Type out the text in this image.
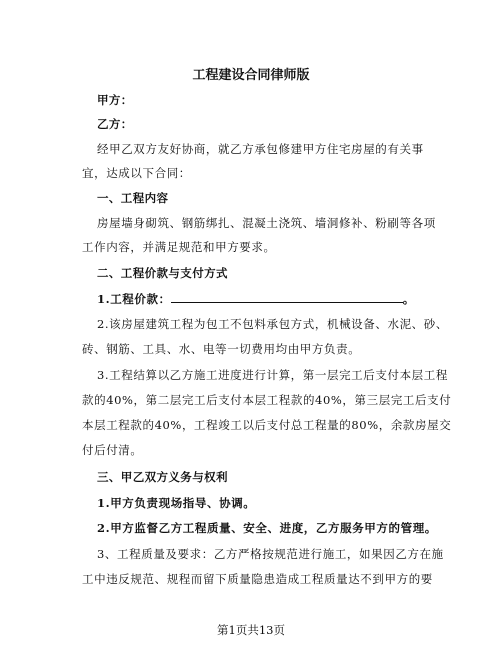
工程建设合同律师版
甲方：
乙方：
经甲乙双方友好协商，就乙方承包修建甲方住宅房屋的有关事
宜，达成以下合同：
一、工程内容
房屋墙身砌筑、钢筋绑扎、混凝土浇筑、墙洞修补、粉刷等各项
工作内容，并满足规范和甲方要求。
二、工程价款与支付方式
1.工程价款：	。
2.该房屋建筑工程为包工不包料承包方式，机械设备、水泥、砂、
砖、钢筋、工具、水、电等一切费用均由甲方负责。
3.工程结算以乙方施工进度进行计算，第一层完工后支付本层工程
款的40%，第二层完工后支付本层工程款的40%，第三层完工后支付
本层工程款的40%，工程竣工以后支付总工程量的80%，余款房屋交
付后付清。
三、甲乙双方义务与权利
1.甲方负责现场指导、协调。
2.甲方监督乙方工程质量、安全、进度，乙方服务甲方的管理。
3、工程质量及要求：乙方严格按规范进行施工，如果因乙方在施
工中违反规范、规程而留下质量隐患造成工程质量达不到甲方的要
第1页共13页
